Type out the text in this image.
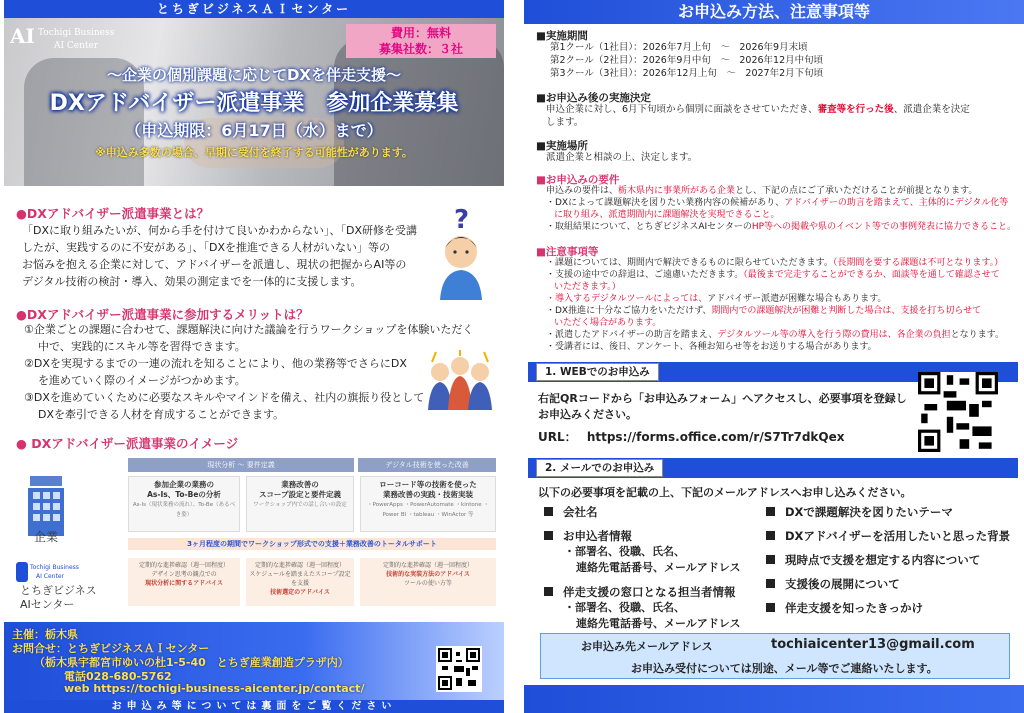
とちぎビジネスＡＩセンター
AI Tochigi Business
AI Center
費用：無料
募集社数：３社
～企業の個別課題に応じてDXを伴走支援～
DXアドバイザー派遣事業　参加企業募集
（申込期限：6月17日（水）まで）
※申込み多数の場合、早期に受付を終了する可能性があります。
●DXアドバイザー派遣事業とは？
「DXに取り組みたいが、何から手を付けて良いかわからない」、「DX研修を受講
したが、実践するのに不安がある」、「DXを推進できる人材がいない」等の
お悩みを抱える企業に対して、アドバイザーを派遣し、現状の把握からAI等の
デジタル技術の検討・導入、効果の測定までを一体的に支援します。
?
●DXアドバイザー派遣事業に参加するメリットは？
①企業ごとの課題に合わせて、課題解決に向けた議論を行うワークショップを体験いただく
中で、実践的にスキル等を習得できます。
②DXを実現するまでの一連の流れを知ることにより、他の業務等でさらにDX
を進めていく際のイメージがつかめます。
③DXを進めていくために必要なスキルやマインドを備え、社内の旗振り役として
DXを牽引できる人材を育成することができます。
● DXアドバイザー派遣事業のイメージ
企 社
企業
Tochigi Business
AI Center
とちぎビジネス
AIセンター
現状分析 ～ 要件定義	デジタル技術を使った改善
参加企業の業務の
As-Is、To-Beの分析
As-Is（現状業務の流れ）、To-Be（あるべき姿）
業務改善の
スコープ設定と要件定義
ワークショップ内での話し合いの設定
ローコード等の技術を使った
業務改善の実践・技術実装
・PowerApps ・PowerAutomate ・kintone ・Power BI ・tableau ・WinActor 等
3ヶ月程度の期間でワークショップ形式での支援＋業務改善のトータルサポート
定期的な進捗確認（週一回程度）
デザイン思考の観点での
現状分析に関するアドバイス
定期的な進捗確認（週一回程度）
スケジュールを踏まえたスコープ設定を支援
技術選定のアドバイス
定期的な進捗確認（週一回程度）
技術的な実装方法のアドバイス
ツールの使い方等
主催：栃木県
お問合せ：とちぎビジネスＡＩセンター
（栃木県宇都宮市ゆいの杜1-5-40　とちぎ産業創造プラザ内）
電話028-680-5762
web https://tochigi-business-aicenter.jp/contact/
お申込み等については裏面をご覧ください
お申込み方法、注意事項等
■実施期間
第1クール（1社目）：2026年7月上旬　～　2026年9月末頃
第2クール（2社目）：2026年9月中旬　～　2026年12月中旬頃
第3クール（3社目）：2026年12月上旬　～　2027年2月下旬頃
■お申込み後の実施決定
申込企業に対し、6月下旬頃から個別に面談をさせていただき、審査等を行った後、派遣企業を決定
します。
■実施場所
派遣企業と相談の上、決定します。
■お申込みの要件
申込みの要件は、栃木県内に事業所がある企業とし、下記の点にご了承いただけることが前提となります。
・DXによって課題解決を図りたい業務内容の候補があり、アドバイザーの助言を踏まえて、主体的にデジタル化等
に取り組み、派遣期間内に課題解決を実現できること。
・取組結果について、とちぎビジネスAIセンターのHP等への掲載や県のイベント等での事例発表に協力できること。
■注意事項等
・課題については、期間内で解決できるものに限らせていただきます。（長期間を要する課題は不可となります。）
・支援の途中での辞退は、ご遠慮いただきます。（最後まで完走することができるか、面談等を通して確認させて
いただきます。）
・導入するデジタルツールによっては、アドバイザー派遣が困難な場合もあります。
・DX推進に十分なご協力をいただけず、期間内での課題解決が困難と判断した場合は、支援を打ち切らせて
いただく場合があります。
・派遣したアドバイザーの助言を踏まえ、デジタルツール等の導入を行う際の費用は、各企業の負担となります。
・受講者には、後日、アンケート、各種お知らせ等をお送りする場合があります。
1. WEBでのお申込み
右記QRコードから「お申込みフォーム」へアクセスし、必要事項を登録し
お申込みください。
URL： https://forms.office.com/r/S7Tr7dkQex
2. メールでのお申込み
以下の必要事項を記載の上、下記のメールアドレスへお申し込みください。
会社名
お申込者情報
・部署名、役職、氏名、
連絡先電話番号、メールアドレス
伴走支援の窓口となる担当者情報
・部署名、役職、氏名、
連絡先電話番号、メールアドレス
DXで課題解決を図りたいテーマ
DXアドバイザーを活用したいと思った背景
現時点で支援を想定する内容について
支援後の展開について
伴走支援を知ったきっかけ
お申込み先メールアドレス	tochiaicenter13@gmail.com
お申込み受付については別途、メール等でご連絡いたします。
